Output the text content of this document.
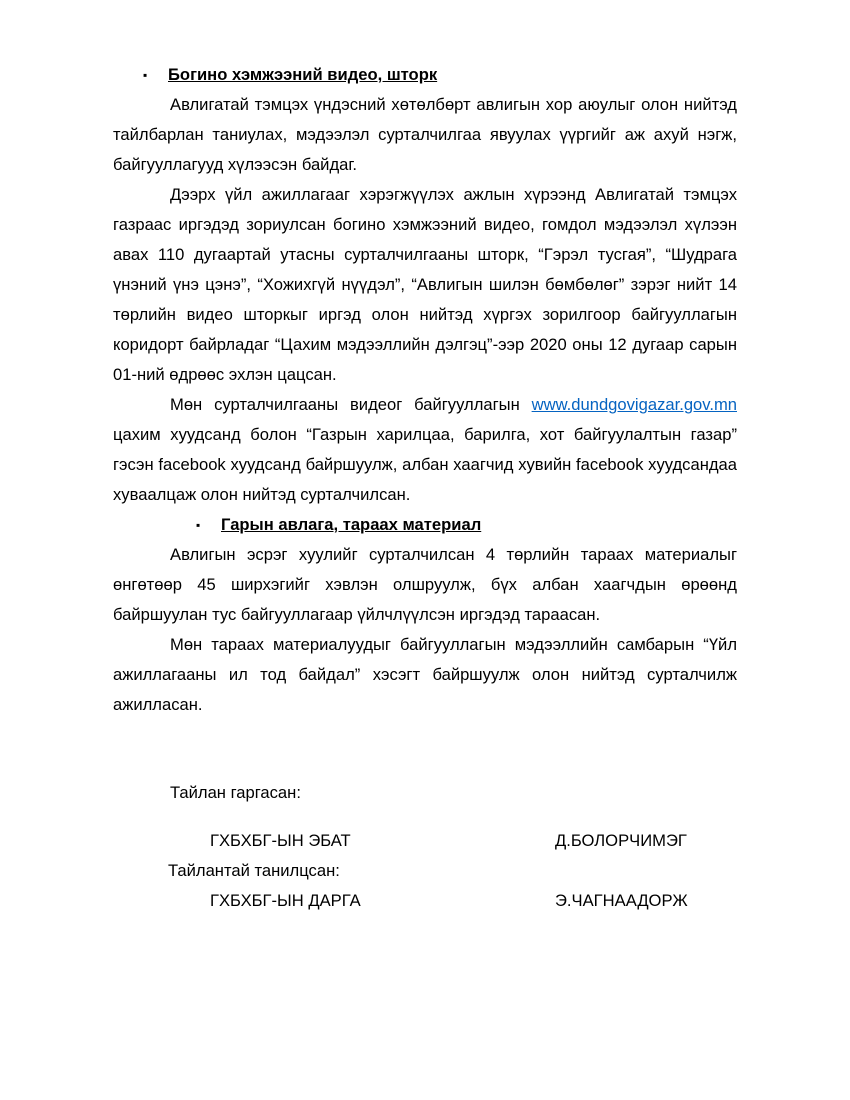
▪ Богино хэмжээний видео, шторк

Авлигатай тэмцэх үндэсний хөтөлбөрт авлигын хор аюулыг олон нийтэд тайлбарлан таниулах, мэдээлэл сурталчилгаа явуулах үүргийг аж ахуй нэгж, байгууллагууд хүлээсэн байдаг.

Дээрх үйл ажиллагааг хэрэгжүүлэх ажлын хүрээнд Авлигатай тэмцэх газраас иргэдэд зориулсан богино хэмжээний видео, гомдол мэдээлэл хүлээн авах 110 дугаартай утасны сурталчилгааны шторк, “Гэрэл тусгая”, “Шудрага үнэний үнэ цэнэ”, “Хожихгүй нүүдэл”, “Авлигын шилэн бөмбөлөг” зэрэг нийт 14 төрлийн видео шторкыг иргэд олон нийтэд хүргэх зорилгоор байгууллагын коридорт байрладаг “Цахим мэдээллийн дэлгэц”-ээр 2020 оны 12 дугаар сарын 01-ний өдрөөс эхлэн цацсан.

Мөн сурталчилгааны видеог байгууллагын www.dundgovigazar.gov.mn цахим хуудсанд болон “Газрын харилцаа, барилга, хот байгуулалтын газар” гэсэн facebook хуудсанд байршуулж, албан хаагчид хувийн facebook хуудсандаа хуваалцаж олон нийтэд сурталчилсан.

▪ Гарын авлага, тараах материал

Авлигын эсрэг хуулийг сурталчилсан 4 төрлийн тараах материалыг өнгөтөөр 45 ширхэгийг хэвлэн олшруулж, бүх албан хаагчдын өрөөнд байршуулан тус байгууллагаар үйлчлүүлсэн иргэдэд тараасан.

Мөн тараах материалуудыг байгууллагын мэдээллийн самбарын “Үйл ажиллагааны ил тод байдал” хэсэгт байршуулж олон нийтэд сурталчилж ажилласан.

Тайлан гаргасан:

ГХБХБГ-ЫН ЭБАТ	Д.БОЛОРЧИМЭГ

Тайлантай танилцсан:

ГХБХБГ-ЫН ДАРГА	Э.ЧАГНААДОРЖ
